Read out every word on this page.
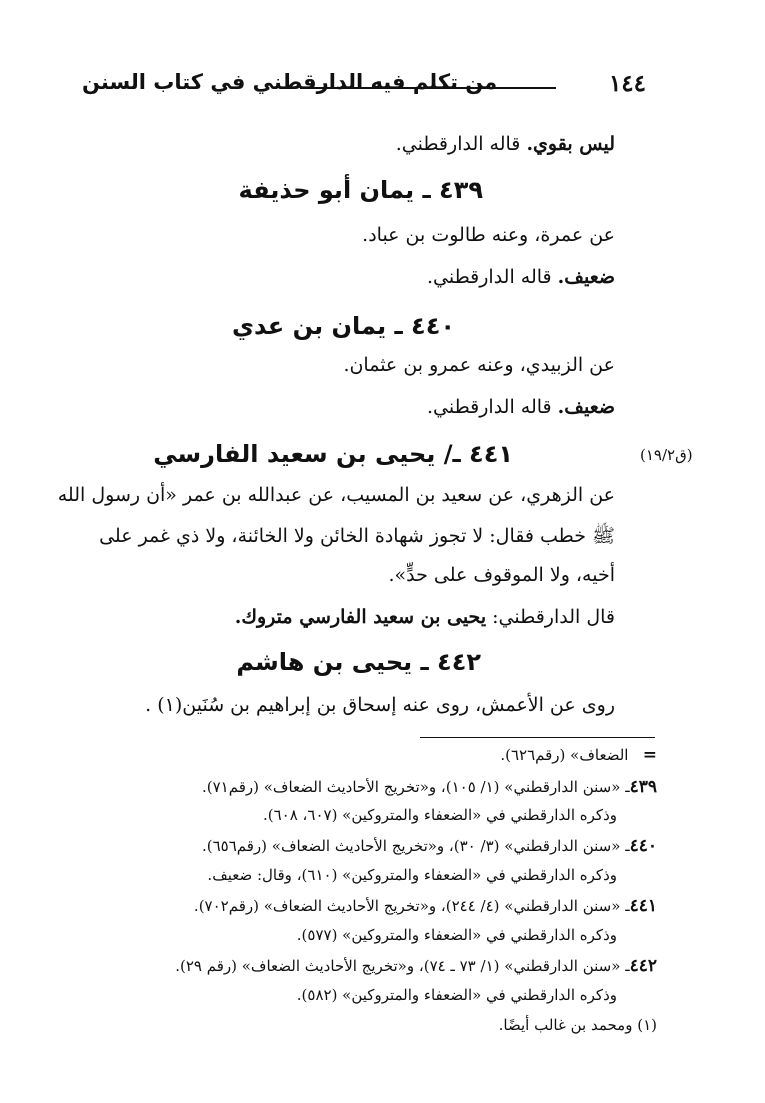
١٤٤
من تكلم فيه الدارقطني في كتاب السنن
ليس بقوي. قاله الدارقطني.
٤٣٩ ـ يمان أبو حذيفة
عن عمرة، وعنه طالوت بن عباد.
ضعيف. قاله الدارقطني.
٤٤٠ ـ يمان بن عدي
عن الزبيدي، وعنه عمرو بن عثمان.
ضعيف. قاله الدارقطني.
٤٤١ ـ/ يحيى بن سعيد الفارسي	(ق١٩/٢)
عن الزهري، عن سعيد بن المسيب، عن عبدالله بن عمر «أن رسول الله
ﷺ خطب فقال: لا تجوز شهادة الخائن ولا الخائنة، ولا ذي غمر على
أخيه، ولا الموقوف على حدٍّ».
قال الدارقطني: يحيى بن سعيد الفارسي متروك.
٤٤٢ ـ يحيى بن هاشم
روى عن الأعمش، روى عنه إسحاق بن إبراهيم بن سُنَين(١) .
=   الضعاف» (رقم٦٢٦).
٤٣٩ـ «سنن الدارقطني» (١/ ١٠٥)، و«تخريج الأحاديث الضعاف» (رقم٧١).
وذكره الدارقطني في «الضعفاء والمتروكين» (٦٠٧، ٦٠٨).
٤٤٠ـ «سنن الدارقطني» (٣/ ٣٠)، و«تخريج الأحاديث الضعاف» (رقم٦٥٦).
وذكره الدارقطني في «الضعفاء والمتروكين» (٦١٠)، وقال: ضعيف.
٤٤١ـ «سنن الدارقطني» (٤/ ٢٤٤)، و«تخريج الأحاديث الضعاف» (رقم٧٠٢).
وذكره الدارقطني في «الضعفاء والمتروكين» (٥٧٧).
٤٤٢ـ «سنن الدارقطني» (١/ ٧٣ ـ ٧٤)، و«تخريج الأحاديث الضعاف» (رقم ٢٩).
وذكره الدارقطني في «الضعفاء والمتروكين» (٥٨٢).
(١) ومحمد بن غالب أيضًا.
